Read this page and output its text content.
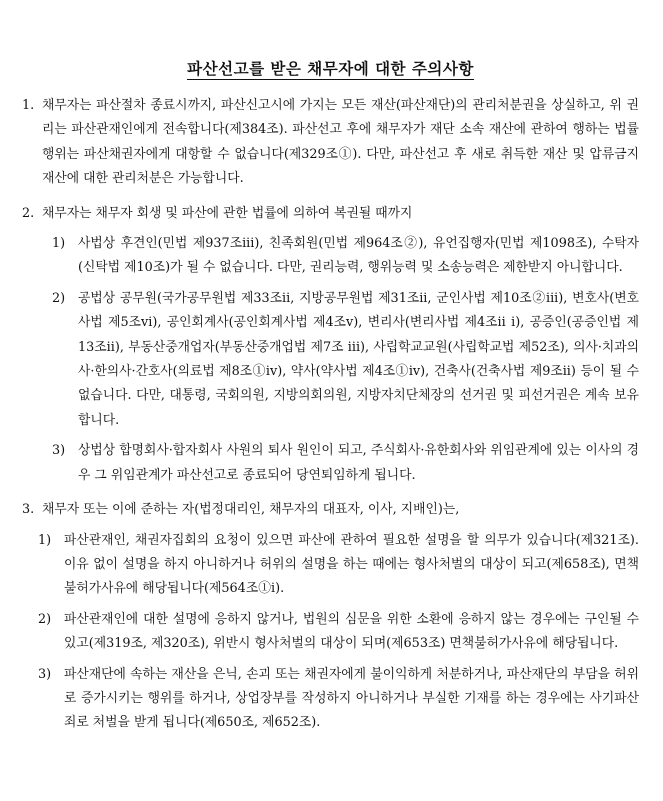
파산선고를 받은 채무자에 대한 주의사항
1. 채무자는 파산절차 종료시까지, 파산신고시에 가지는 모든 재산(파산재단)의 관리처분권을 상실하고, 위 권리는 파산관재인에게 전속합니다(제384조). 파산선고 후에 채무자가 재단 소속 재산에 관하여 행하는 법률행위는 파산채권자에게 대항할 수 없습니다(제329조①). 다만, 파산선고 후 새로 취득한 재산 및 압류금지재산에 대한 관리처분은 가능합니다.
2. 채무자는 채무자 회생 및 파산에 관한 법률에 의하여 복권될 때까지
1)	사법상 후견인(민법 제937조iii), 친족회원(민법 제964조②), 유언집행자(민법 제1098조), 수탁자(신탁법 제10조)가 될 수 없습니다. 다만, 권리능력, 행위능력 및 소송능력은 제한받지 아니합니다.
2)	공법상 공무원(국가공무원법 제33조ii, 지방공무원법 제31조ii, 군인사법 제10조②iii), 변호사(변호사법 제5조vi), 공인회계사(공인회계사법 제4조v), 변리사(변리사법 제4조ii i), 공증인(공증인법 제13조ii), 부동산중개업자(부동산중개업법 제7조 iii), 사립학교교원(사립학교법 제52조), 의사·치과의사·한의사·간호사(의료법 제8조①iv), 약사(약사법 제4조①iv), 건축사(건축사법 제9조ii) 등이 될 수 없습니다. 다만, 대통령, 국회의원, 지방의회의원, 지방자치단체장의 선거권 및 피선거권은 계속 보유합니다.
3)	상법상 합명회사·합자회사 사원의 퇴사 원인이 되고, 주식회사·유한회사와 위임관계에 있는 이사의 경우 그 위임관계가 파산선고로 종료되어 당연퇴임하게 됩니다.
3. 채무자 또는 이에 준하는 자(법정대리인, 채무자의 대표자, 이사, 지배인)는,
1)	파산관재인, 채권자집회의 요청이 있으면 파산에 관하여 필요한 설명을 할 의무가 있습니다(제321조). 이유 없이 설명을 하지 아니하거나 허위의 설명을 하는 때에는 형사처벌의 대상이 되고(제658조), 면책불허가사유에 해당됩니다(제564조①i).
2)	파산관재인에 대한 설명에 응하지 않거나, 법원의 심문을 위한 소환에 응하지 않는 경우에는 구인될 수 있고(제319조, 제320조), 위반시 형사처벌의 대상이 되며(제653조) 면책불허가사유에 해당됩니다.
3)	파산재단에 속하는 재산을 은닉, 손괴 또는 채권자에게 불이익하게 처분하거나, 파산재단의 부담을 허위로 증가시키는 행위를 하거나, 상업장부를 작성하지 아니하거나 부실한 기재를 하는 경우에는 사기파산죄로 처벌을 받게 됩니다(제650조, 제652조).
